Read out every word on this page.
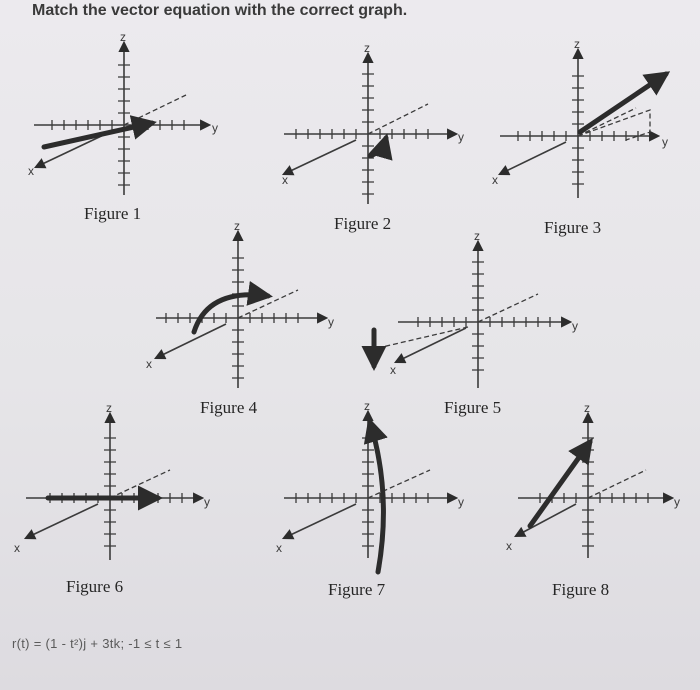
Match the vector equation with the correct graph.
z
y
x
z
y
x
z
y
x
z
y
x
z
y
x
z
y
x
z
y
x
z
y
x
Figure 1
Figure 2	Figure 3
Figure 4	Figure 5
Figure 6	Figure 7	Figure 8
r(t) = (1 - t²)j + 3tk; -1 ≤ t ≤ 1
